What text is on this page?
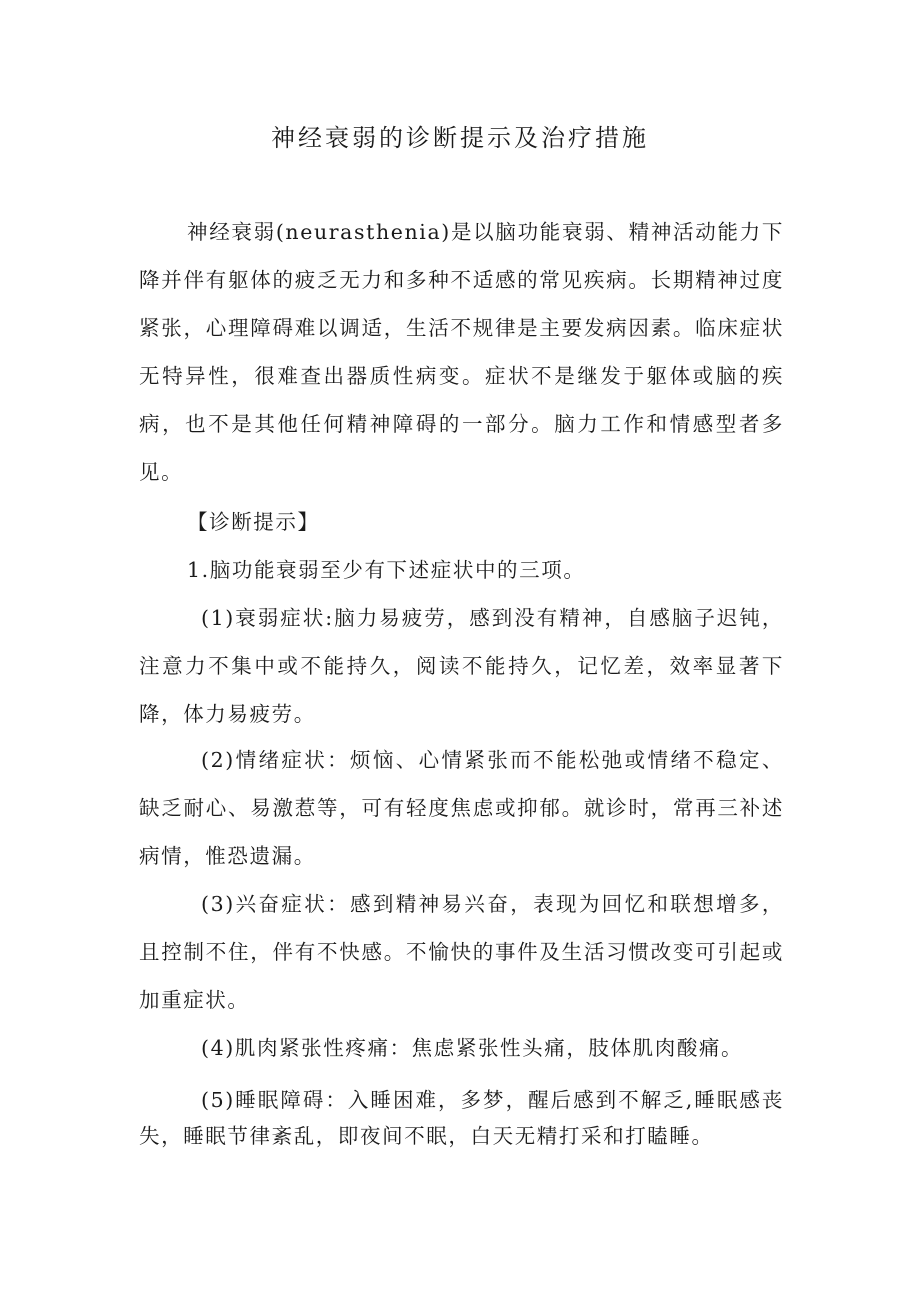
神经衰弱的诊断提示及治疗措施

神经衰弱(neurasthenia)是以脑功能衰弱、精神活动能力下降并伴有躯体的疲乏无力和多种不适感的常见疾病。长期精神过度紧张，心理障碍难以调适，生活不规律是主要发病因素。临床症状无特异性，很难查出器质性病变。症状不是继发于躯体或脑的疾病，也不是其他任何精神障碍的一部分。脑力工作和情感型者多见。

【诊断提示】

1.脑功能衰弱至少有下述症状中的三项。

(1)衰弱症状:脑力易疲劳，感到没有精神，自感脑子迟钝，注意力不集中或不能持久，阅读不能持久，记忆差，效率显著下降，体力易疲劳。

(2)情绪症状：烦恼、心情紧张而不能松弛或情绪不稳定、缺乏耐心、易激惹等，可有轻度焦虑或抑郁。就诊时，常再三补述病情，惟恐遗漏。

(3)兴奋症状：感到精神易兴奋，表现为回忆和联想增多，且控制不住，伴有不快感。不愉快的事件及生活习惯改变可引起或加重症状。

(4)肌肉紧张性疼痛：焦虑紧张性头痛，肢体肌肉酸痛。

(5)睡眠障碍：入睡困难，多梦，醒后感到不解乏,睡眠感丧失，睡眠节律紊乱，即夜间不眠，白天无精打采和打瞌睡。
